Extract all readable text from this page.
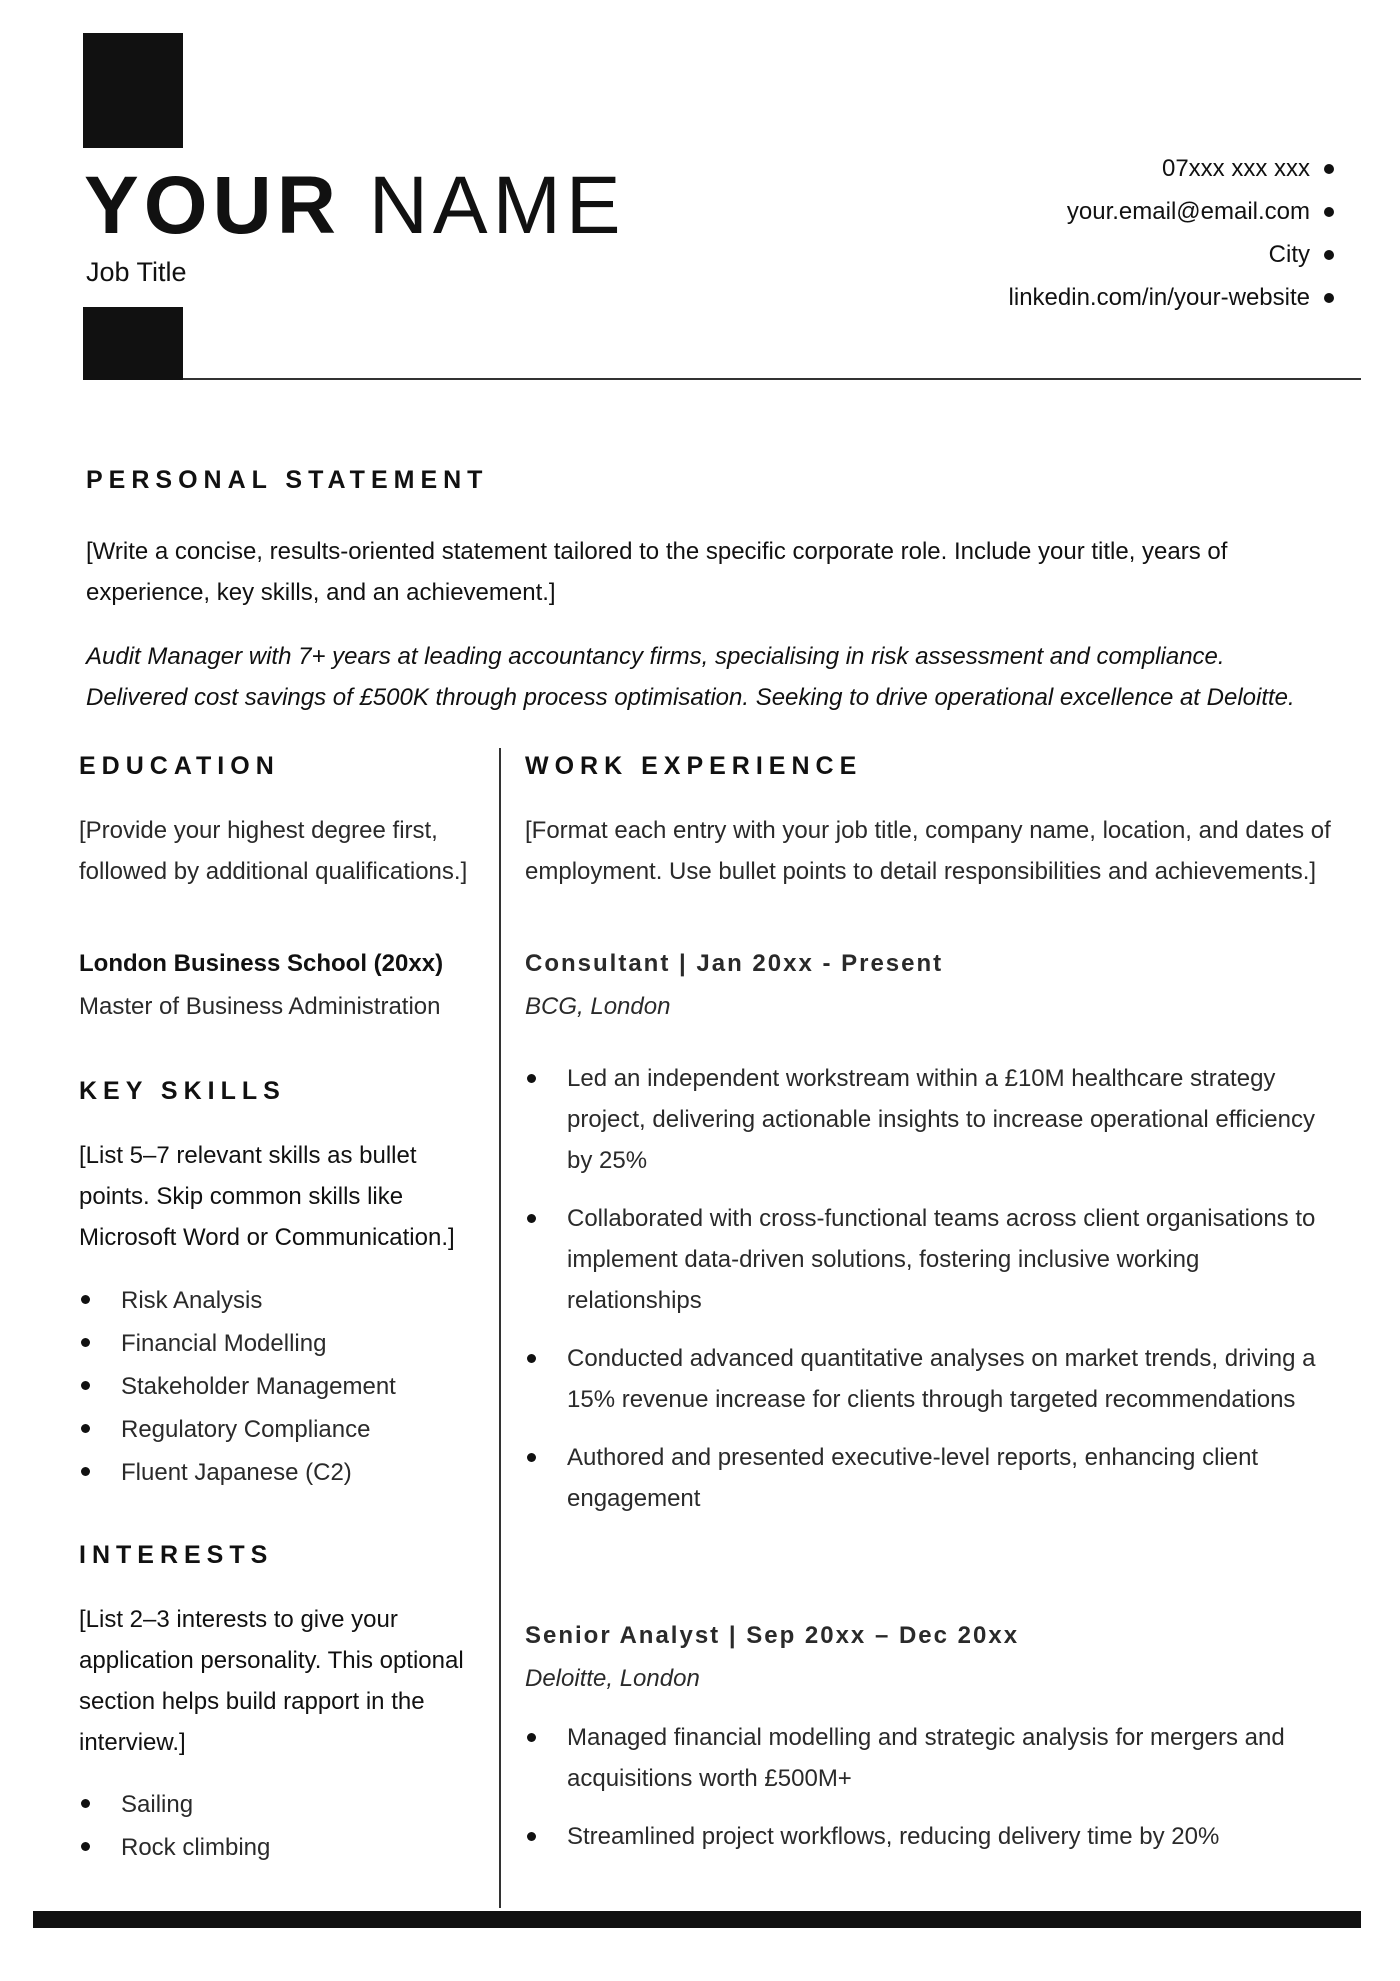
YOUR NAME
Job Title
07xxx xxx xxx
your.email@email.com
City
linkedin.com/in/your-website
PERSONAL STATEMENT
[Write a concise, results-oriented statement tailored to the specific corporate role. Include your title, years of experience, key skills, and an achievement.]
Audit Manager with 7+ years at leading accountancy firms, specialising in risk assessment and compliance. Delivered cost savings of £500K through process optimisation. Seeking to drive operational excellence at Deloitte.
EDUCATION
[Provide your highest degree first, followed by additional qualifications.]
London Business School (20xx)
Master of Business Administration
KEY SKILLS
[List 5–7 relevant skills as bullet points. Skip common skills like Microsoft Word or Communication.]
Risk Analysis
Financial Modelling
Stakeholder Management
Regulatory Compliance
Fluent Japanese (C2)
INTERESTS
[List 2–3 interests to give your application personality. This optional section helps build rapport in the interview.]
Sailing
Rock climbing
WORK EXPERIENCE
[Format each entry with your job title, company name, location, and dates of employment. Use bullet points to detail responsibilities and achievements.]
Consultant | Jan 20xx - Present
BCG, London
Led an independent workstream within a £10M healthcare strategy project, delivering actionable insights to increase operational efficiency by 25%
Collaborated with cross-functional teams across client organisations to implement data-driven solutions, fostering inclusive working relationships
Conducted advanced quantitative analyses on market trends, driving a 15% revenue increase for clients through targeted recommendations
Authored and presented executive-level reports, enhancing client engagement
Senior Analyst | Sep 20xx – Dec 20xx
Deloitte, London
Managed financial modelling and strategic analysis for mergers and acquisitions worth £500M+
Streamlined project workflows, reducing delivery time by 20%
